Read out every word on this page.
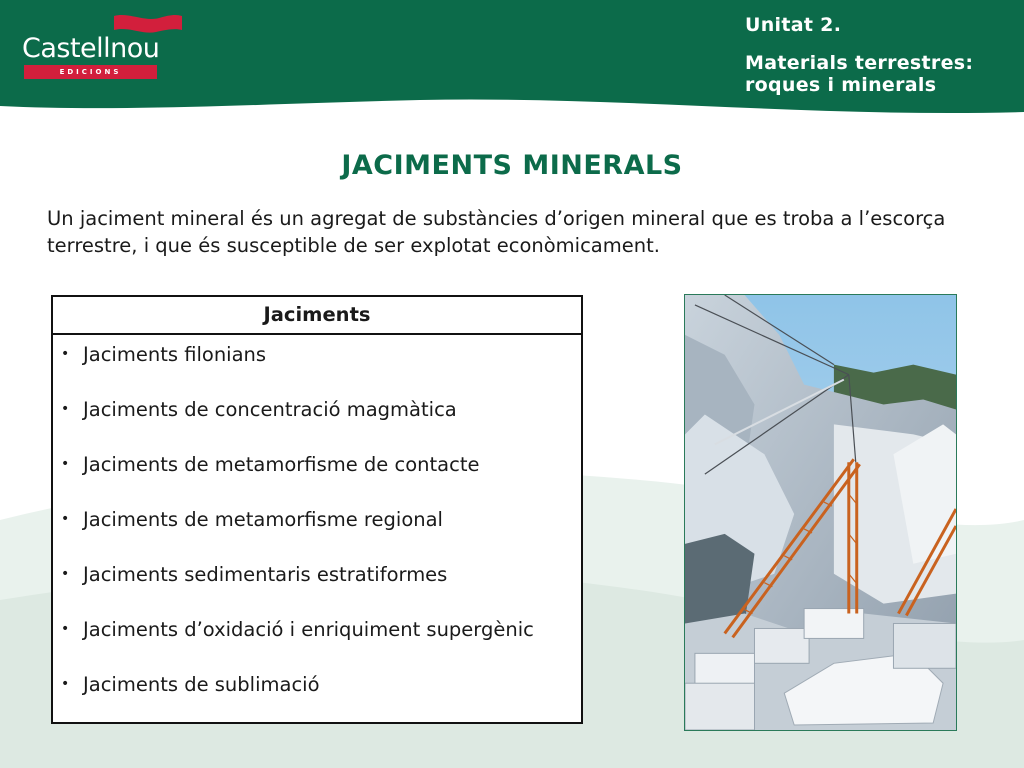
Castellnou
EDICIONS
Unitat 2.
Materials terrestres: roques i minerals
JACIMENTS MINERALS
Un jaciment mineral és un agregat de substàncies d’origen mineral que es troba a l’escorça terrestre, i que és susceptible de ser explotat econòmicament.
Jaciments
• Jaciments filonians
• Jaciments de concentració magmàtica
• Jaciments de metamorfisme de contacte
• Jaciments de metamorfisme regional
• Jaciments sedimentaris estratiformes
• Jaciments d’oxidació i enriquiment supergènic
• Jaciments de sublimació
